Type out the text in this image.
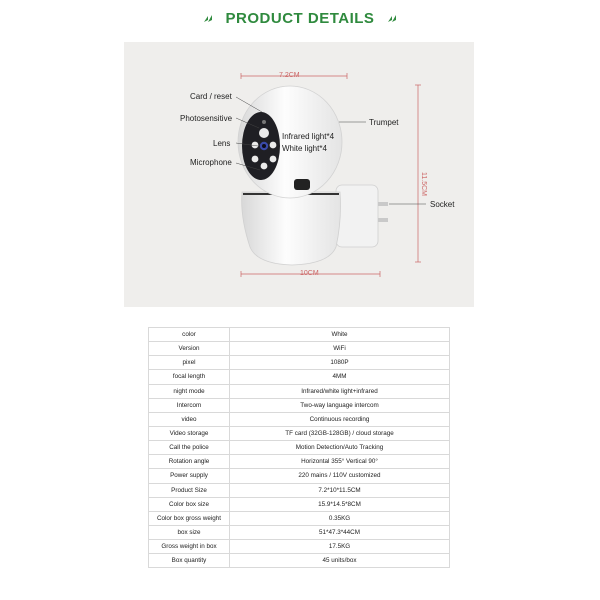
PRODUCT DETAILS
7.2CM
11.5CM
10CM
Card / reset
Photosensitive
Lens
Microphone
Infrared light*4
White light*4
Trumpet
Socket
color	White
Version	WiFi
pixel	1080P
focal length	4MM
night mode	Infrared/white light+infrared
Intercom	Two-way language intercom
video	Continuous recording
Video storage	TF card (32GB-128GB) / cloud storage
Call the police	Motion Detection/Auto Tracking
Rotation angle	Horizontal 355° Vertical 90°
Power supply	220 mains / 110V customized
Product Size	7.2*10*11.5CM
Color box size	15.9*14.5*8CM
Color box gross weight	0.35KG
box size	51*47.3*44CM
Gross weight in box	17.5KG
Box quantity	45 units/box
